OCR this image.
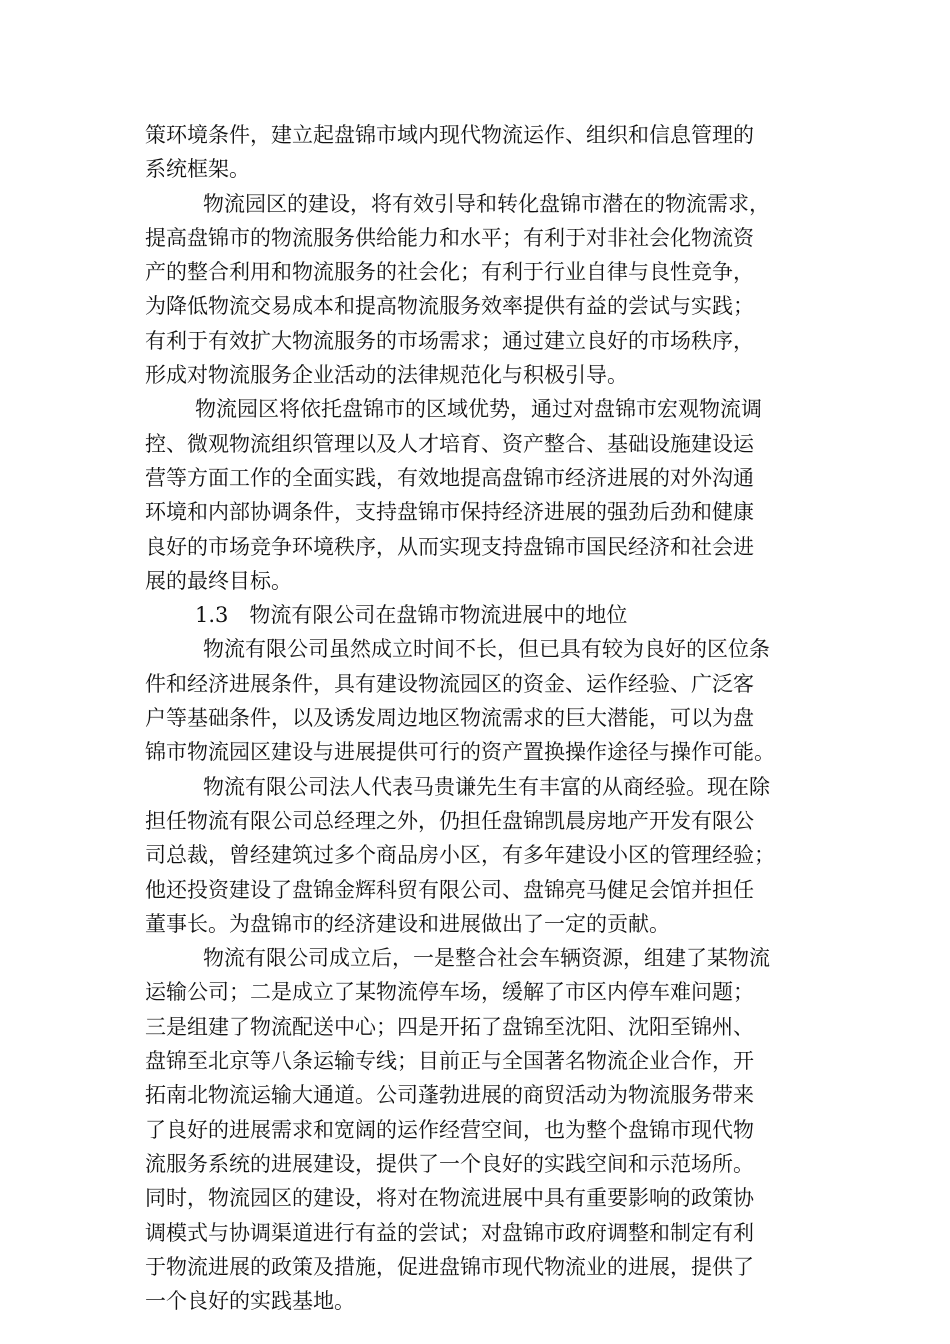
策环境条件，建立起盘锦市域内现代物流运作、组织和信息管理的
系统框架。
物流园区的建设，将有效引导和转化盘锦市潜在的物流需求，
提高盘锦市的物流服务供给能力和水平；有利于对非社会化物流资
产的整合利用和物流服务的社会化；有利于行业自律与良性竞争，
为降低物流交易成本和提高物流服务效率提供有益的尝试与实践；
有利于有效扩大物流服务的市场需求；通过建立良好的市场秩序，
形成对物流服务企业活动的法律规范化与积极引导。
物流园区将依托盘锦市的区域优势，通过对盘锦市宏观物流调
控、微观物流组织管理以及人才培育、资产整合、基础设施建设运
营等方面工作的全面实践，有效地提高盘锦市经济进展的对外沟通
环境和内部协调条件，支持盘锦市保持经济进展的强劲后劲和健康
良好的市场竞争环境秩序，从而实现支持盘锦市国民经济和社会进
展的最终目标。
1.3　物流有限公司在盘锦市物流进展中的地位
物流有限公司虽然成立时间不长，但已具有较为良好的区位条
件和经济进展条件，具有建设物流园区的资金、运作经验、广泛客
户等基础条件，以及诱发周边地区物流需求的巨大潜能，可以为盘
锦市物流园区建设与进展提供可行的资产置换操作途径与操作可能。
物流有限公司法人代表马贵谦先生有丰富的从商经验。现在除
担任物流有限公司总经理之外，仍担任盘锦凯晨房地产开发有限公
司总裁，曾经建筑过多个商品房小区，有多年建设小区的管理经验；
他还投资建设了盘锦金辉科贸有限公司、盘锦亮马健足会馆并担任
董事长。为盘锦市的经济建设和进展做出了一定的贡献。
物流有限公司成立后，一是整合社会车辆资源，组建了某物流
运输公司；二是成立了某物流停车场，缓解了市区内停车难问题；
三是组建了物流配送中心；四是开拓了盘锦至沈阳、沈阳至锦州、
盘锦至北京等八条运输专线；目前正与全国著名物流企业合作，开
拓南北物流运输大通道。公司蓬勃进展的商贸活动为物流服务带来
了良好的进展需求和宽阔的运作经营空间，也为整个盘锦市现代物
流服务系统的进展建设，提供了一个良好的实践空间和示范场所。
同时，物流园区的建设，将对在物流进展中具有重要影响的政策协
调模式与协调渠道进行有益的尝试；对盘锦市政府调整和制定有利
于物流进展的政策及措施，促进盘锦市现代物流业的进展，提供了
一个良好的实践基地。
